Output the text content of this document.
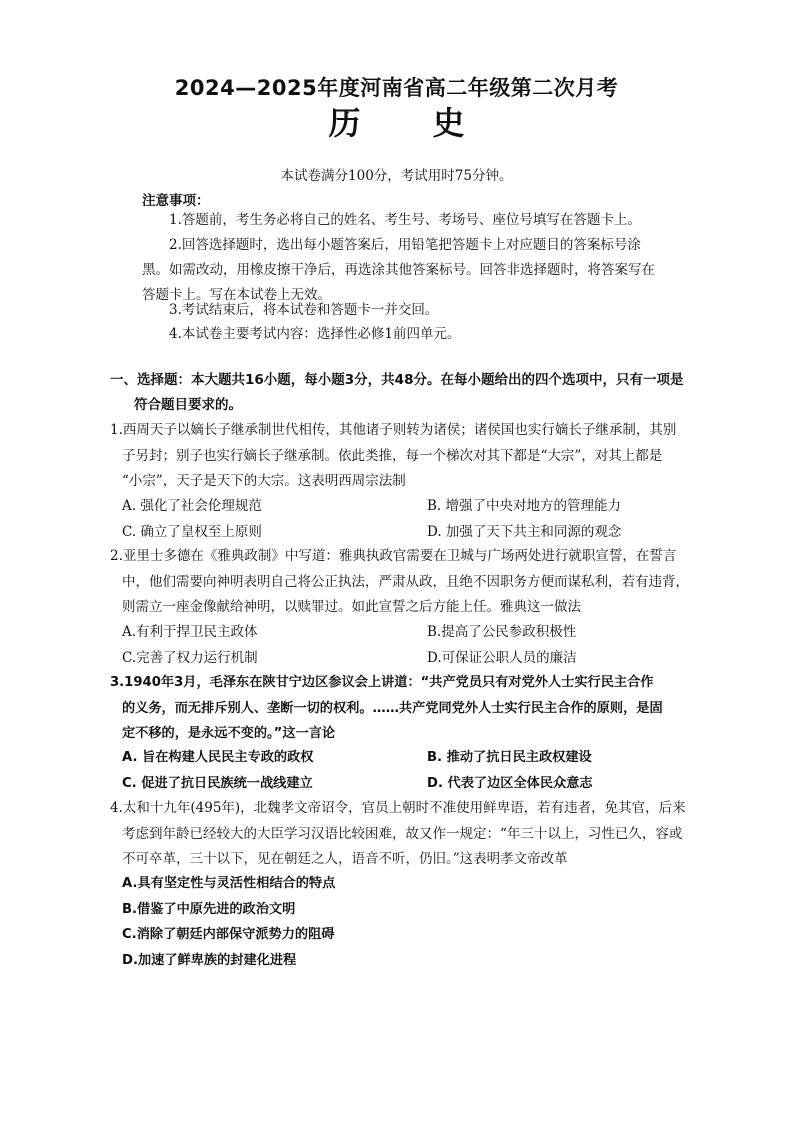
2024—2025年度河南省高二年级第二次月考
历 史
本试卷满分100分，考试用时75分钟。
注意事项：
1.答题前，考生务必将自己的姓名、考生号、考场号、座位号填写在答题卡上。
2.回答选择题时，选出每小题答案后，用铅笔把答题卡上对应题目的答案标号涂
黑。如需改动，用橡皮擦干净后，再选涂其他答案标号。回答非选择题时，将答案写在
答题卡上。写在本试卷上无效。
3.考试结束后，将本试卷和答题卡一并交回。
4.本试卷主要考试内容：选择性必修1前四单元。
一、选择题：本大题共16小题，每小题3分，共48分。在每小题给出的四个选项中，只有一项是
符合题目要求的。
1.西周天子以嫡长子继承制世代相传，其他诸子则转为诸侯；诸侯国也实行嫡长子继承制，其别
子另封；别子也实行嫡长子继承制。依此类推，每一个梯次对其下都是“大宗”，对其上都是
“小宗”，天子是天下的大宗。这表明西周宗法制
A. 强化了社会伦理规范	B. 增强了中央对地方的管理能力
C. 确立了皇权至上原则	D. 加强了天下共主和同源的观念
2.亚里士多德在《雅典政制》中写道：雅典执政官需要在卫城与广场两处进行就职宣誓，在誓言
中，他们需要向神明表明自己将公正执法，严肃从政，且绝不因职务方便而谋私利，若有违背，
则需立一座金像献给神明，以赎罪过。如此宣誓之后方能上任。雅典这一做法
A.有利于捍卫民主政体	B.提高了公民参政积极性
C.完善了权力运行机制	D.可保证公职人员的廉洁
3.1940年3月，毛泽东在陕甘宁边区参议会上讲道：“共产党员只有对党外人士实行民主合作
的义务，而无排斥别人、垄断一切的权利。……共产党同党外人士实行民主合作的原则，是固
定不移的，是永远不变的。”这一言论
A. 旨在构建人民民主专政的政权	B. 推动了抗日民主政权建设
C. 促进了抗日民族统一战线建立	D. 代表了边区全体民众意志
4.太和十九年(495年)，北魏孝文帝诏令，官员上朝时不准使用鲜卑语，若有违者，免其官，后来
考虑到年龄已经较大的大臣学习汉语比较困难，故又作一规定：“年三十以上，习性已久，容或
不可卒革，三十以下，见在朝廷之人，语音不听，仍旧。”这表明孝文帝改革
A.具有坚定性与灵活性相结合的特点
B.借鉴了中原先进的政治文明
C.消除了朝廷内部保守派势力的阻碍
D.加速了鲜卑族的封建化进程
